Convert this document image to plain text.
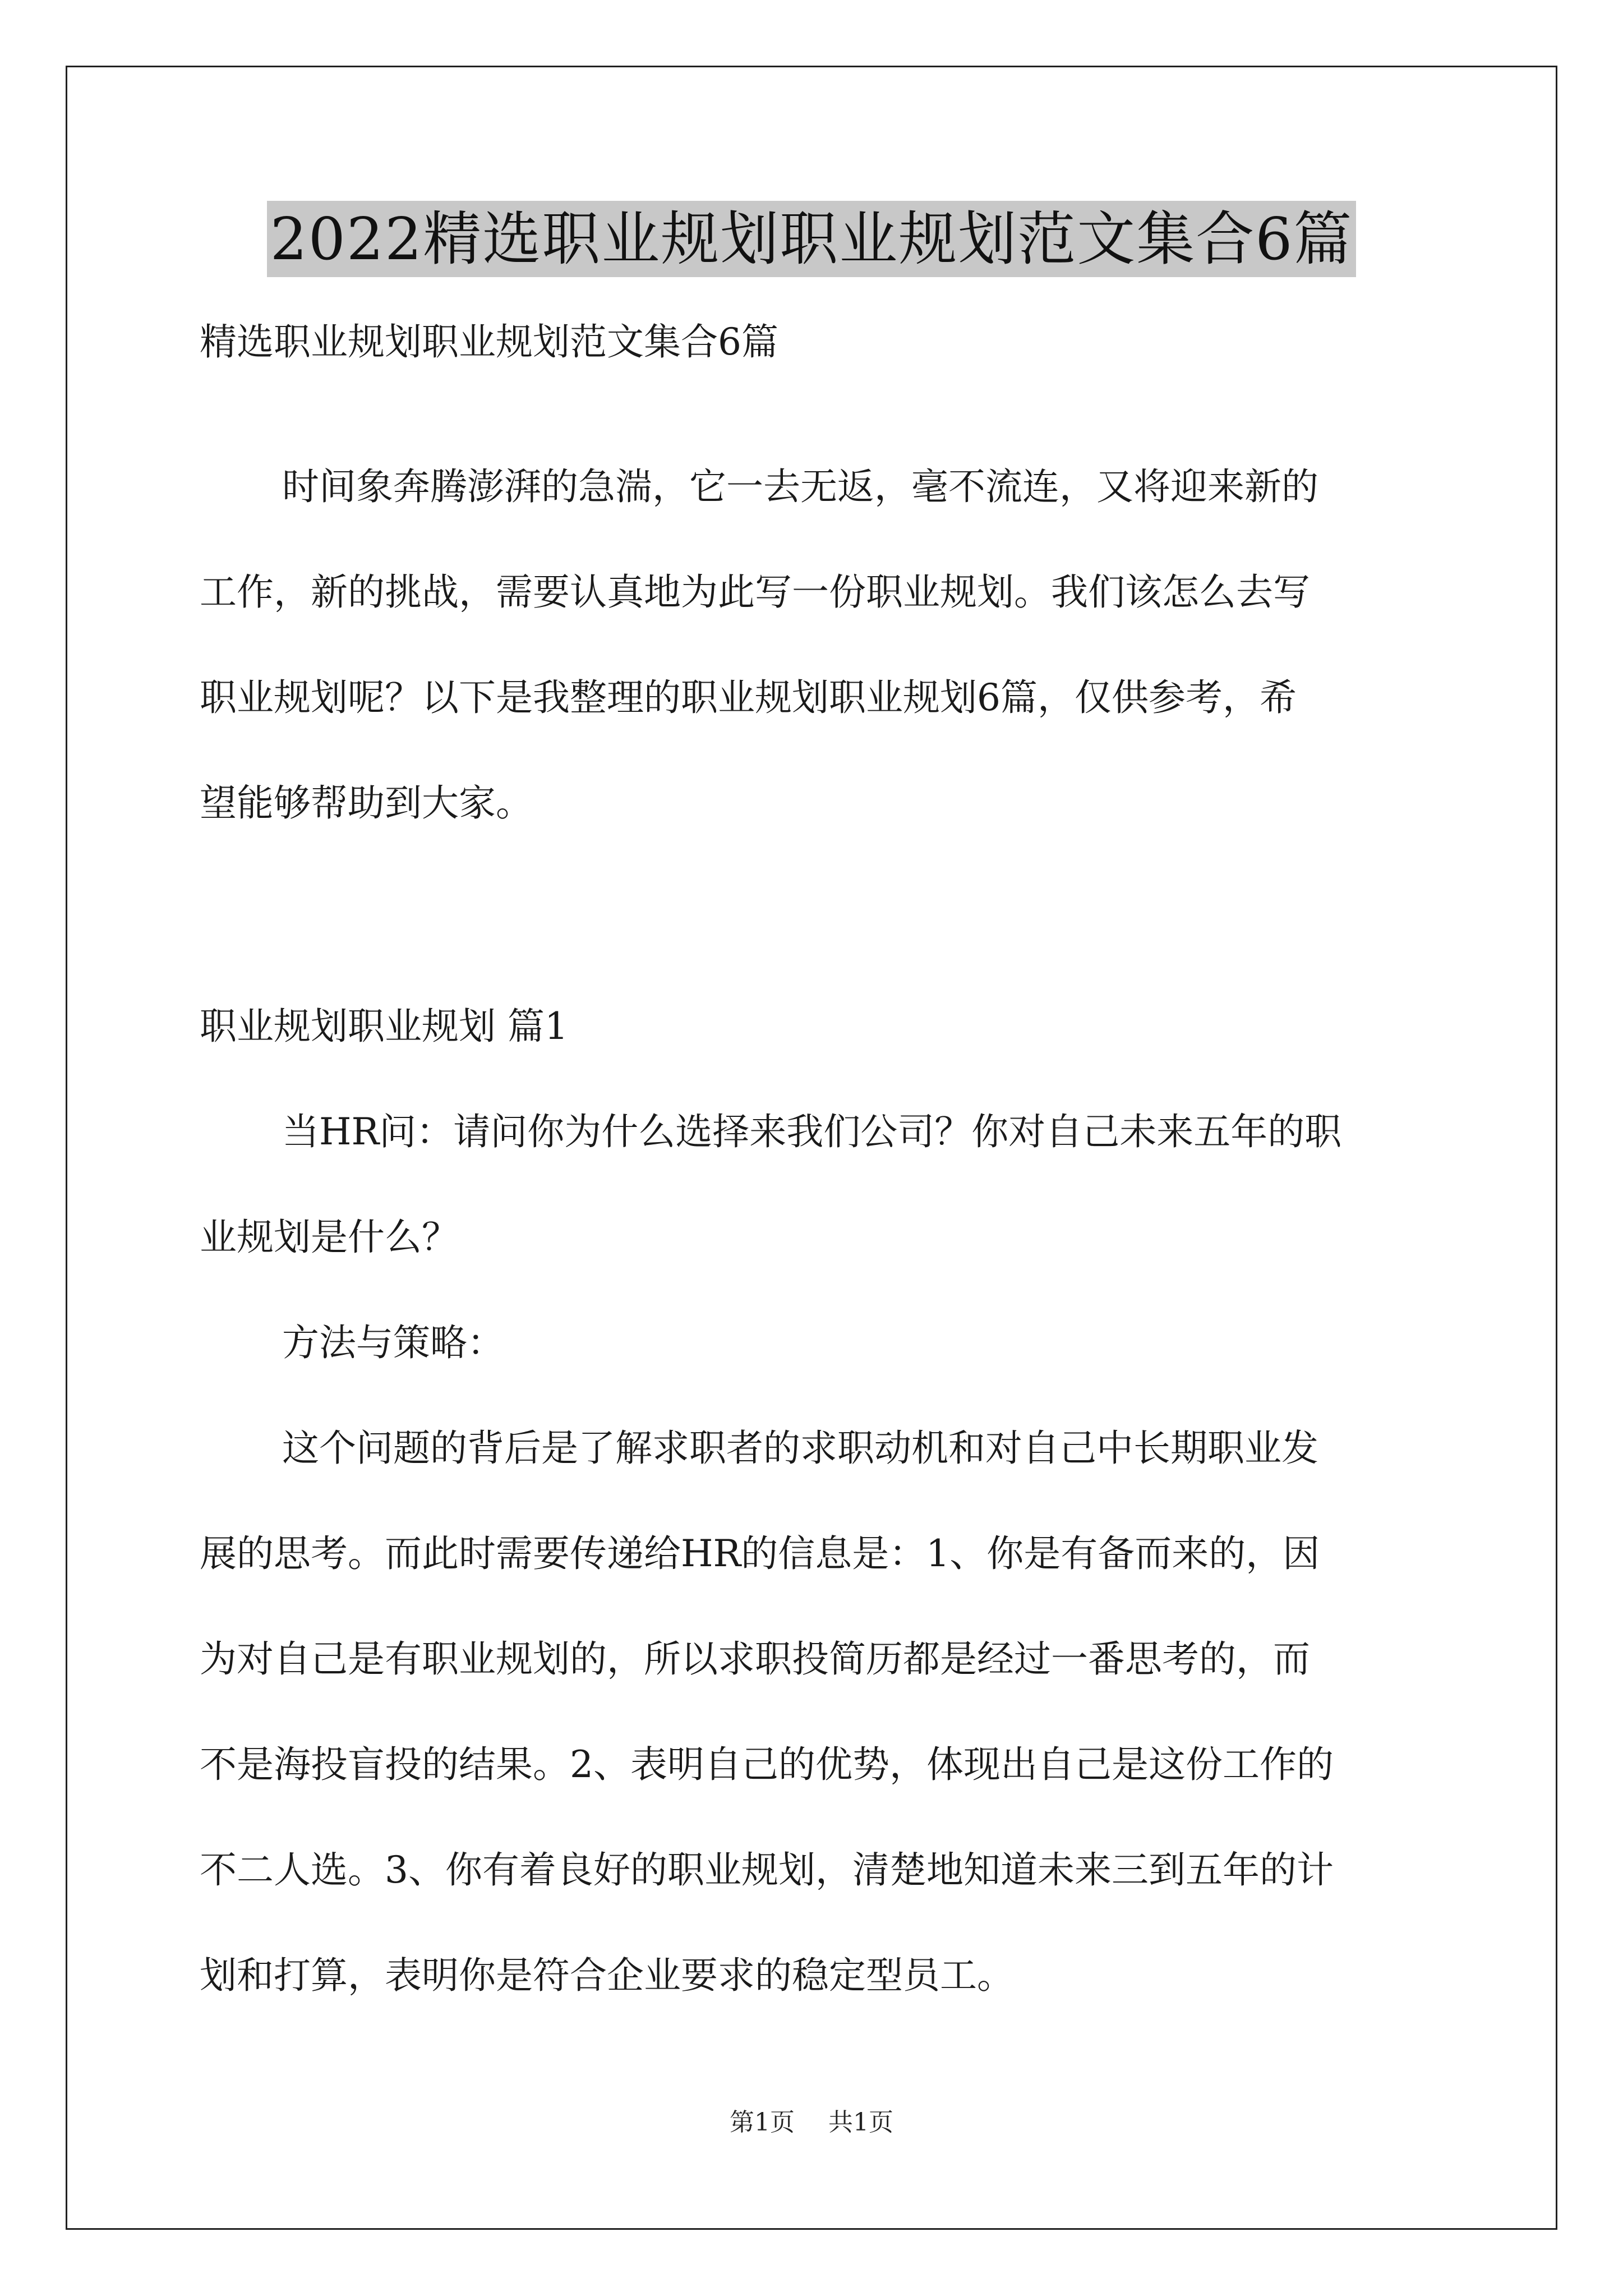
2022精选职业规划职业规划范文集合6篇
精选职业规划职业规划范文集合6篇
时间象奔腾澎湃的急湍，它一去无返，毫不流连，又将迎来新的
工作，新的挑战，需要认真地为此写一份职业规划。我们该怎么去写
职业规划呢？以下是我整理的职业规划职业规划6篇，仅供参考，希
望能够帮助到大家。
职业规划职业规划 篇1
当HR问：请问你为什么选择来我们公司？你对自己未来五年的职
业规划是什么？
方法与策略：
这个问题的背后是了解求职者的求职动机和对自己中长期职业发
展的思考。而此时需要传递给HR的信息是：1、你是有备而来的，因
为对自己是有职业规划的，所以求职投简历都是经过一番思考的，而
不是海投盲投的结果。2、表明自己的优势，体现出自己是这份工作的
不二人选。3、你有着良好的职业规划，清楚地知道未来三到五年的计
划和打算，表明你是符合企业要求的稳定型员工。
第1页 共1页
